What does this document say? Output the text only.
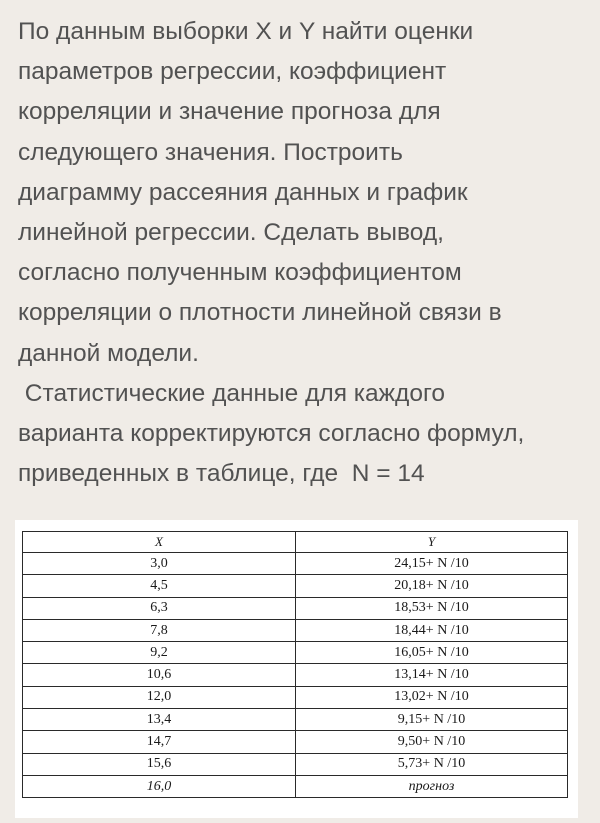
По данным выборки X и Y найти оценки
параметров регрессии, коэффициент
корреляции и значение прогноза для
следующего значения. Построить
диаграмму рассеяния данных и график
линейной регрессии. Сделать вывод,
согласно полученным коэффициентом
корреляции о плотности линейной связи в
данной модели.
Статистические данные для каждого
варианта корректируются согласно формул,
приведенных в таблице, где  N = 14
X	Y
3,0	24,15+ N /10
4,5	20,18+ N /10
6,3	18,53+ N /10
7,8	18,44+ N /10
9,2	16,05+ N /10
10,6	13,14+ N /10
12,0	13,02+ N /10
13,4	9,15+ N /10
14,7	9,50+ N /10
15,6	5,73+ N /10
16,0	прогноз
